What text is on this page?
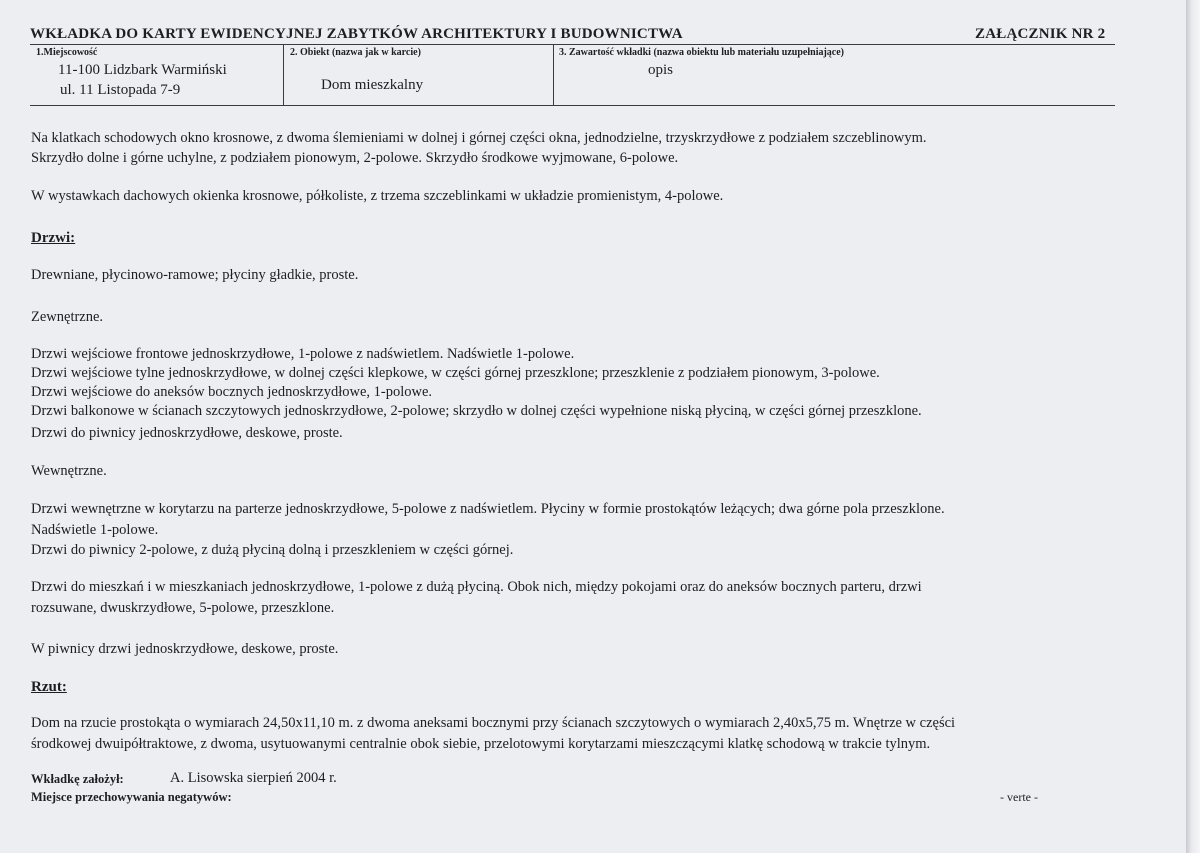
WKŁADKA DO KARTY EWIDENCYJNEJ ZABYTKÓW ARCHITEKTURY I BUDOWNICTWA	ZAŁĄCZNIK NR 2
1.Miejscowość
11-100 Lidzbark Warmiński
ul. 11 Listopada 7-9
2. Obiekt (nazwa jak w karcie)
Dom mieszkalny
3. Zawartość wkładki (nazwa obiektu lub materiału uzupełniające)
opis
Na klatkach schodowych okno krosnowe, z dwoma ślemieniami w dolnej i górnej części okna, jednodzielne, trzyskrzydłowe z podziałem szczeblinowym.
Skrzydło dolne i górne uchylne, z podziałem pionowym, 2-polowe. Skrzydło środkowe wyjmowane, 6-polowe.
W wystawkach dachowych okienka krosnowe, półkoliste, z trzema szczeblinkami w układzie promienistym, 4-polowe.
Drzwi:
Drewniane, płycinowo-ramowe; płyciny gładkie, proste.
Zewnętrzne.
Drzwi wejściowe frontowe jednoskrzydłowe, 1-polowe z nadświetlem. Nadświetle 1-polowe.
Drzwi wejściowe tylne jednoskrzydłowe, w dolnej części klepkowe, w części górnej przeszklone; przeszklenie z podziałem pionowym, 3-polowe.
Drzwi wejściowe do aneksów bocznych jednoskrzydłowe, 1-polowe.
Drzwi balkonowe w ścianach szczytowych jednoskrzydłowe, 2-polowe; skrzydło w dolnej części wypełnione niską płyciną, w części górnej przeszklone.
Drzwi do piwnicy jednoskrzydłowe, deskowe, proste.
Wewnętrzne.
Drzwi wewnętrzne w korytarzu na parterze jednoskrzydłowe, 5-polowe z nadświetlem. Płyciny w formie prostokątów leżących; dwa górne pola przeszklone.
Nadświetle 1-polowe.
Drzwi do piwnicy 2-polowe, z dużą płyciną dolną i przeszkleniem w części górnej.
Drzwi do mieszkań i w mieszkaniach jednoskrzydłowe, 1-polowe z dużą płyciną. Obok nich, między pokojami oraz do aneksów bocznych parteru, drzwi
rozsuwane, dwuskrzydłowe, 5-polowe, przeszklone.
W piwnicy drzwi jednoskrzydłowe, deskowe, proste.
Rzut:
Dom na rzucie prostokąta o wymiarach 24,50x11,10 m. z dwoma aneksami bocznymi przy ścianach szczytowych o wymiarach 2,40x5,75 m. Wnętrze w części
środkowej dwuipółtraktowe, z dwoma, usytuowanymi centralnie obok siebie, przelotowymi korytarzami mieszczącymi klatkę schodową w trakcie tylnym.
Wkładkę założył:	A. Lisowska sierpień 2004 r.
Miejsce przechowywania negatywów:	- verte -
